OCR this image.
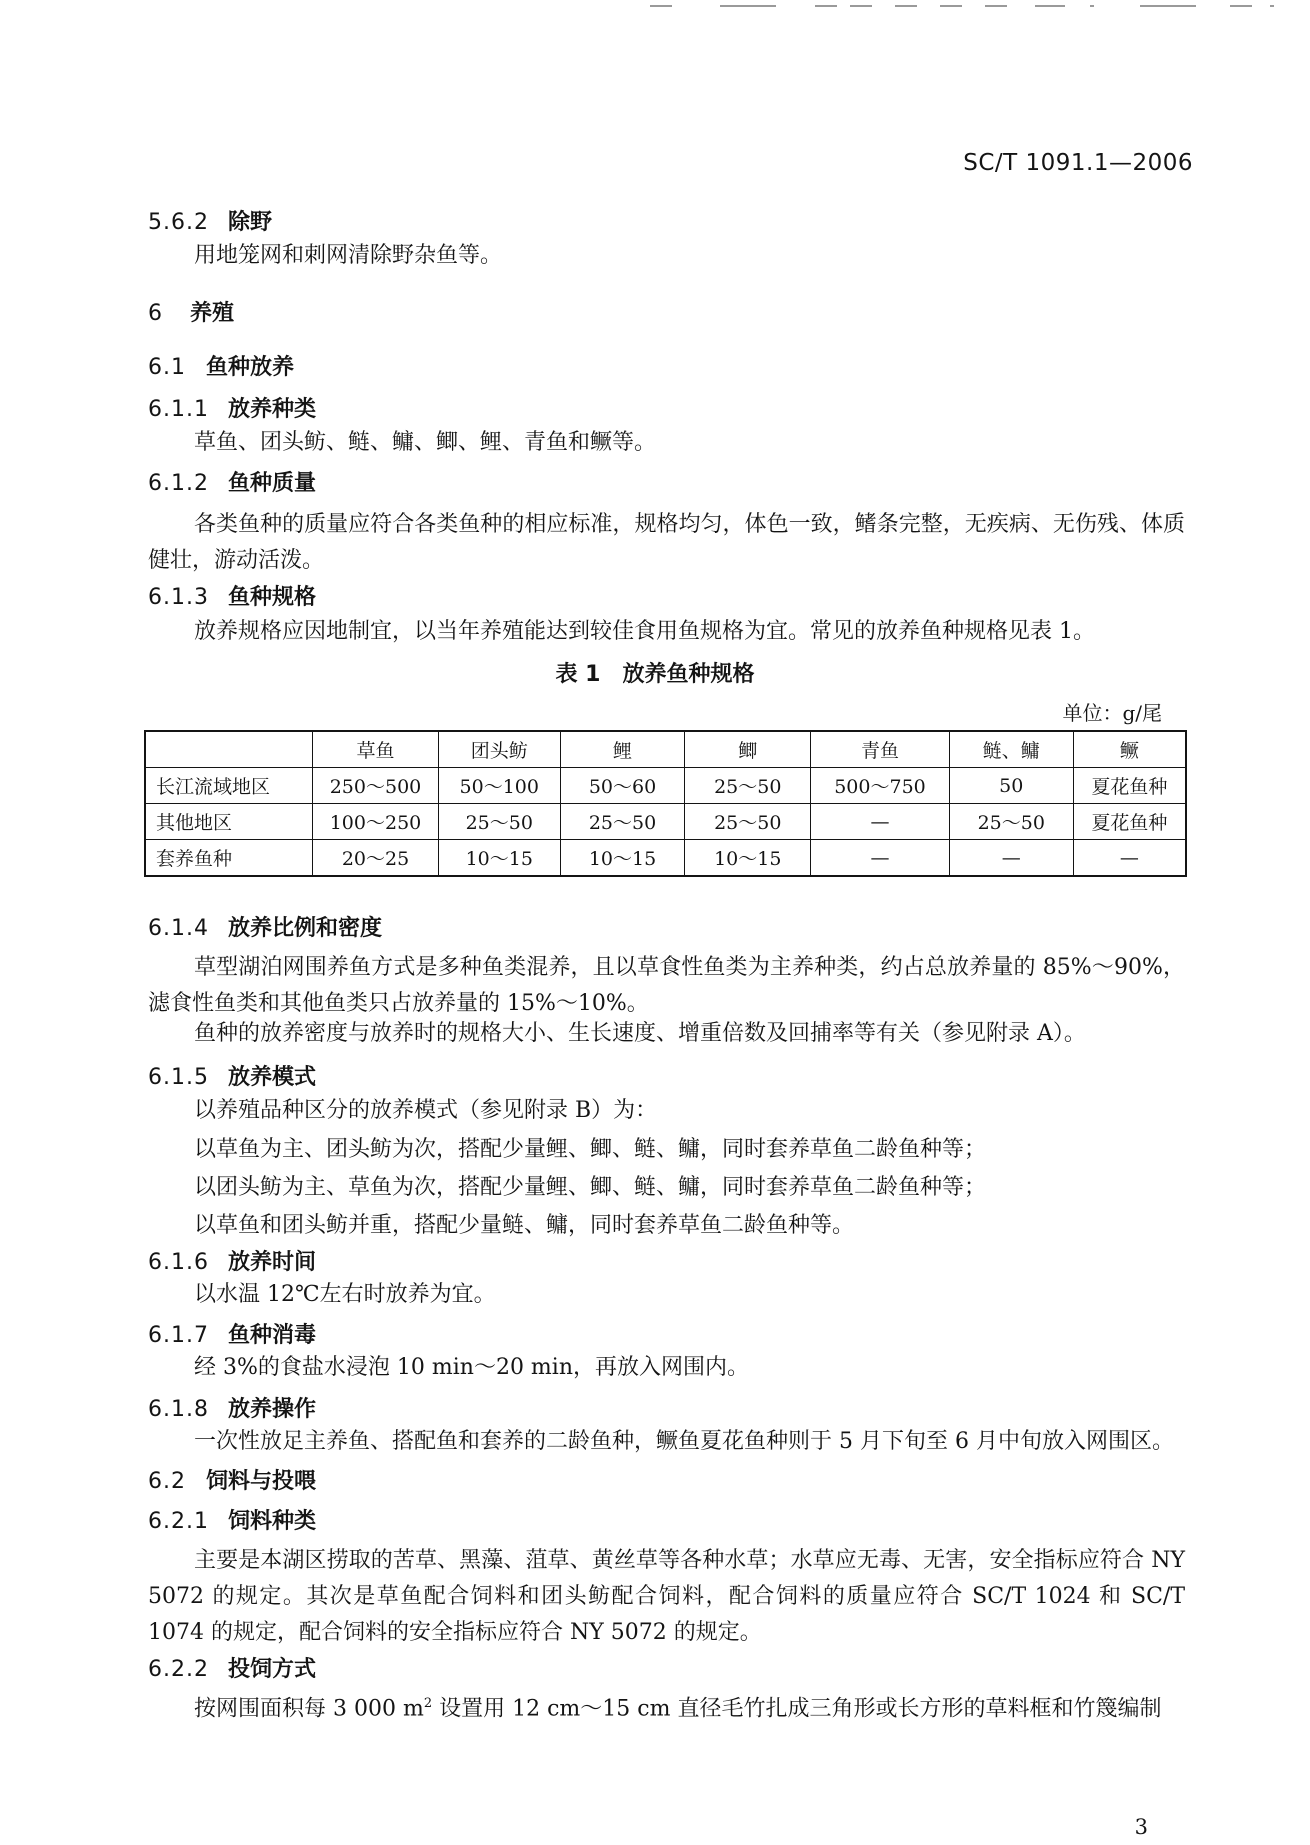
SC/T 1091.1—2006
5.6.2 除野
用地笼网和刺网清除野杂鱼等。
6 养殖
6.1 鱼种放养
6.1.1 放养种类
草鱼、团头鲂、鲢、鳙、鲫、鲤、青鱼和鳜等。
6.1.2 鱼种质量
各类鱼种的质量应符合各类鱼种的相应标准，规格均匀，体色一致，鳍条完整，无疾病、无伤残、体质健壮，游动活泼。
6.1.3 鱼种规格
放养规格应因地制宜，以当年养殖能达到较佳食用鱼规格为宜。常见的放养鱼种规格见表 1。
表 1　放养鱼种规格
单位：g/尾
	草鱼	团头鲂	鲤	鲫	青鱼	鲢、鳙	鳜
长江流域地区	250～500	50～100	50～60	25～50	500～750	50	夏花鱼种
其他地区	100～250	25～50	25～50	25～50	—	25～50	夏花鱼种
套养鱼种	20～25	10～15	10～15	10～15	—	—	—
6.1.4 放养比例和密度
草型湖泊网围养鱼方式是多种鱼类混养，且以草食性鱼类为主养种类，约占总放养量的 85%～90%，滤食性鱼类和其他鱼类只占放养量的 15%～10%。
鱼种的放养密度与放养时的规格大小、生长速度、增重倍数及回捕率等有关（参见附录 A）。
6.1.5 放养模式
以养殖品种区分的放养模式（参见附录 B）为：
以草鱼为主、团头鲂为次，搭配少量鲤、鲫、鲢、鳙，同时套养草鱼二龄鱼种等；
以团头鲂为主、草鱼为次，搭配少量鲤、鲫、鲢、鳙，同时套养草鱼二龄鱼种等；
以草鱼和团头鲂并重，搭配少量鲢、鳙，同时套养草鱼二龄鱼种等。
6.1.6 放养时间
以水温 12℃左右时放养为宜。
6.1.7 鱼种消毒
经 3%的食盐水浸泡 10 min～20 min，再放入网围内。
6.1.8 放养操作
一次性放足主养鱼、搭配鱼和套养的二龄鱼种，鳜鱼夏花鱼种则于 5 月下旬至 6 月中旬放入网围区。
6.2 饲料与投喂
6.2.1 饲料种类
主要是本湖区捞取的苦草、黑藻、菹草、黄丝草等各种水草；水草应无毒、无害，安全指标应符合 NY 5072 的规定。其次是草鱼配合饲料和团头鲂配合饲料，配合饲料的质量应符合 SC/T 1024 和 SC/T 1074 的规定，配合饲料的安全指标应符合 NY 5072 的规定。
6.2.2 投饲方式
按网围面积每 3 000 $m^2$ 设置用 12 cm～15 cm 直径毛竹扎成三角形或长方形的草料框和竹篾编制
3
